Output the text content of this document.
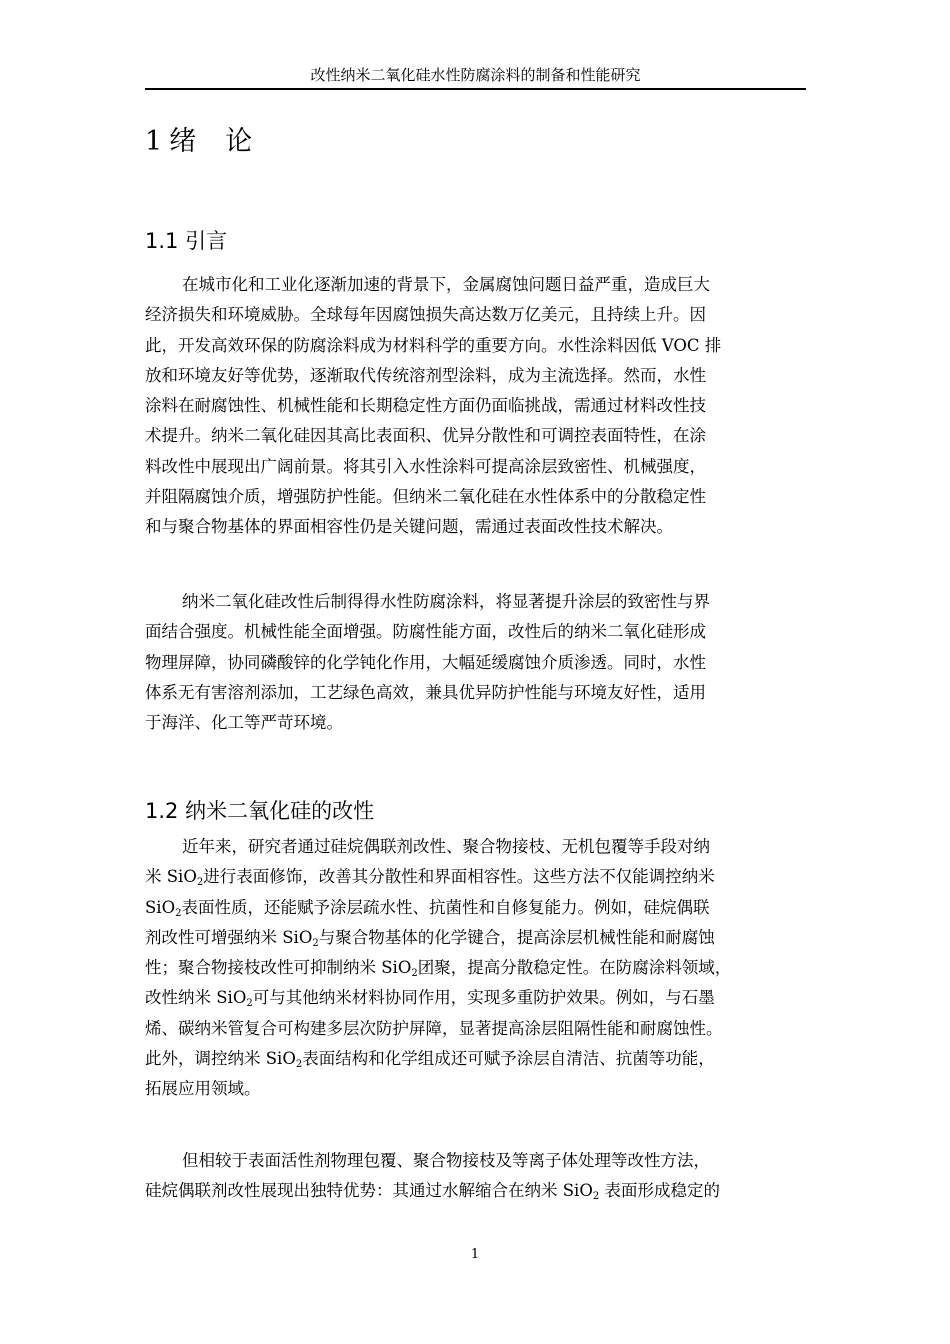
改性纳米二氧化硅水性防腐涂料的制备和性能研究
1 绪　论
1.1 引言
在城市化和工业化逐渐加速的背景下，金属腐蚀问题日益严重，造成巨大
经济损失和环境威胁。全球每年因腐蚀损失高达数万亿美元，且持续上升。因
此，开发高效环保的防腐涂料成为材料科学的重要方向。水性涂料因低 VOC 排
放和环境友好等优势，逐渐取代传统溶剂型涂料，成为主流选择。然而，水性
涂料在耐腐蚀性、机械性能和长期稳定性方面仍面临挑战，需通过材料改性技
术提升。纳米二氧化硅因其高比表面积、优异分散性和可调控表面特性，在涂
料改性中展现出广阔前景。将其引入水性涂料可提高涂层致密性、机械强度，
并阻隔腐蚀介质，增强防护性能。但纳米二氧化硅在水性体系中的分散稳定性
和与聚合物基体的界面相容性仍是关键问题，需通过表面改性技术解决。
纳米二氧化硅改性后制得得水性防腐涂料，将显著提升涂层的致密性与界
面结合强度。机械性能全面增强。防腐性能方面，改性后的纳米二氧化硅形成
物理屏障，协同磷酸锌的化学钝化作用，大幅延缓腐蚀介质渗透。同时，水性
体系无有害溶剂添加，工艺绿色高效，兼具优异防护性能与环境友好性，适用
于海洋、化工等严苛环境。
1.2 纳米二氧化硅的改性
近年来，研究者通过硅烷偶联剂改性、聚合物接枝、无机包覆等手段对纳
米 SiO$_2$进行表面修饰，改善其分散性和界面相容性。这些方法不仅能调控纳米
SiO$_2$表面性质，还能赋予涂层疏水性、抗菌性和自修复能力。例如，硅烷偶联
剂改性可增强纳米 SiO$_2$与聚合物基体的化学键合，提高涂层机械性能和耐腐蚀
性；聚合物接枝改性可抑制纳米 SiO$_2$团聚，提高分散稳定性。在防腐涂料领域，
改性纳米 SiO$_2$可与其他纳米材料协同作用，实现多重防护效果。例如，与石墨
烯、碳纳米管复合可构建多层次防护屏障，显著提高涂层阻隔性能和耐腐蚀性。
此外，调控纳米 SiO$_2$表面结构和化学组成还可赋予涂层自清洁、抗菌等功能，
拓展应用领域。
但相较于表面活性剂物理包覆、聚合物接枝及等离子体处理等改性方法，
硅烷偶联剂改性展现出独特优势：其通过水解缩合在纳米 SiO$_2$ 表面形成稳定的
1
